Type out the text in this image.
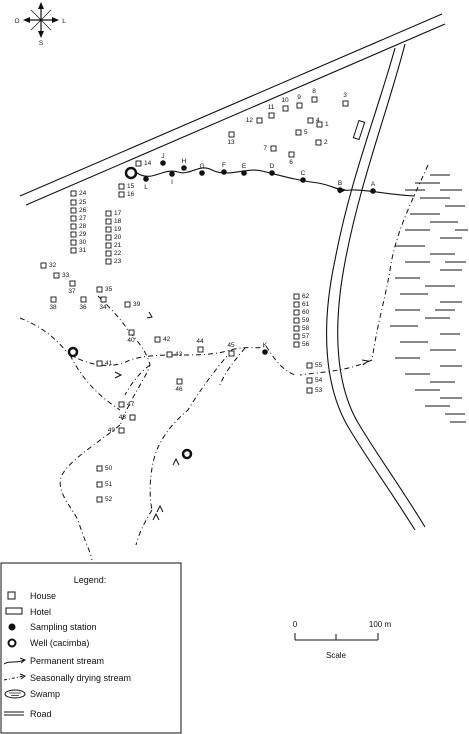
O	L
S
1
2
3
4
5
6
7
8
9
10
11
12
13
14
15
16
17
18
19
20
21
22
23
24
25
26
27
28
29
30
31
32
33
34
35
36
37
38	39
40
41
42
43
44
45
46
47
48
49
50
51
52
53
54
55
56
57
58
59
60
61
62
A
B
C
D
E
F
G
H
I
J
K
L
0	100 m
Scale
Legend:
House
Hotel
Sampling station
Well (cacimba)
Permanent stream
Seasonally drying stream
Swamp
Road
